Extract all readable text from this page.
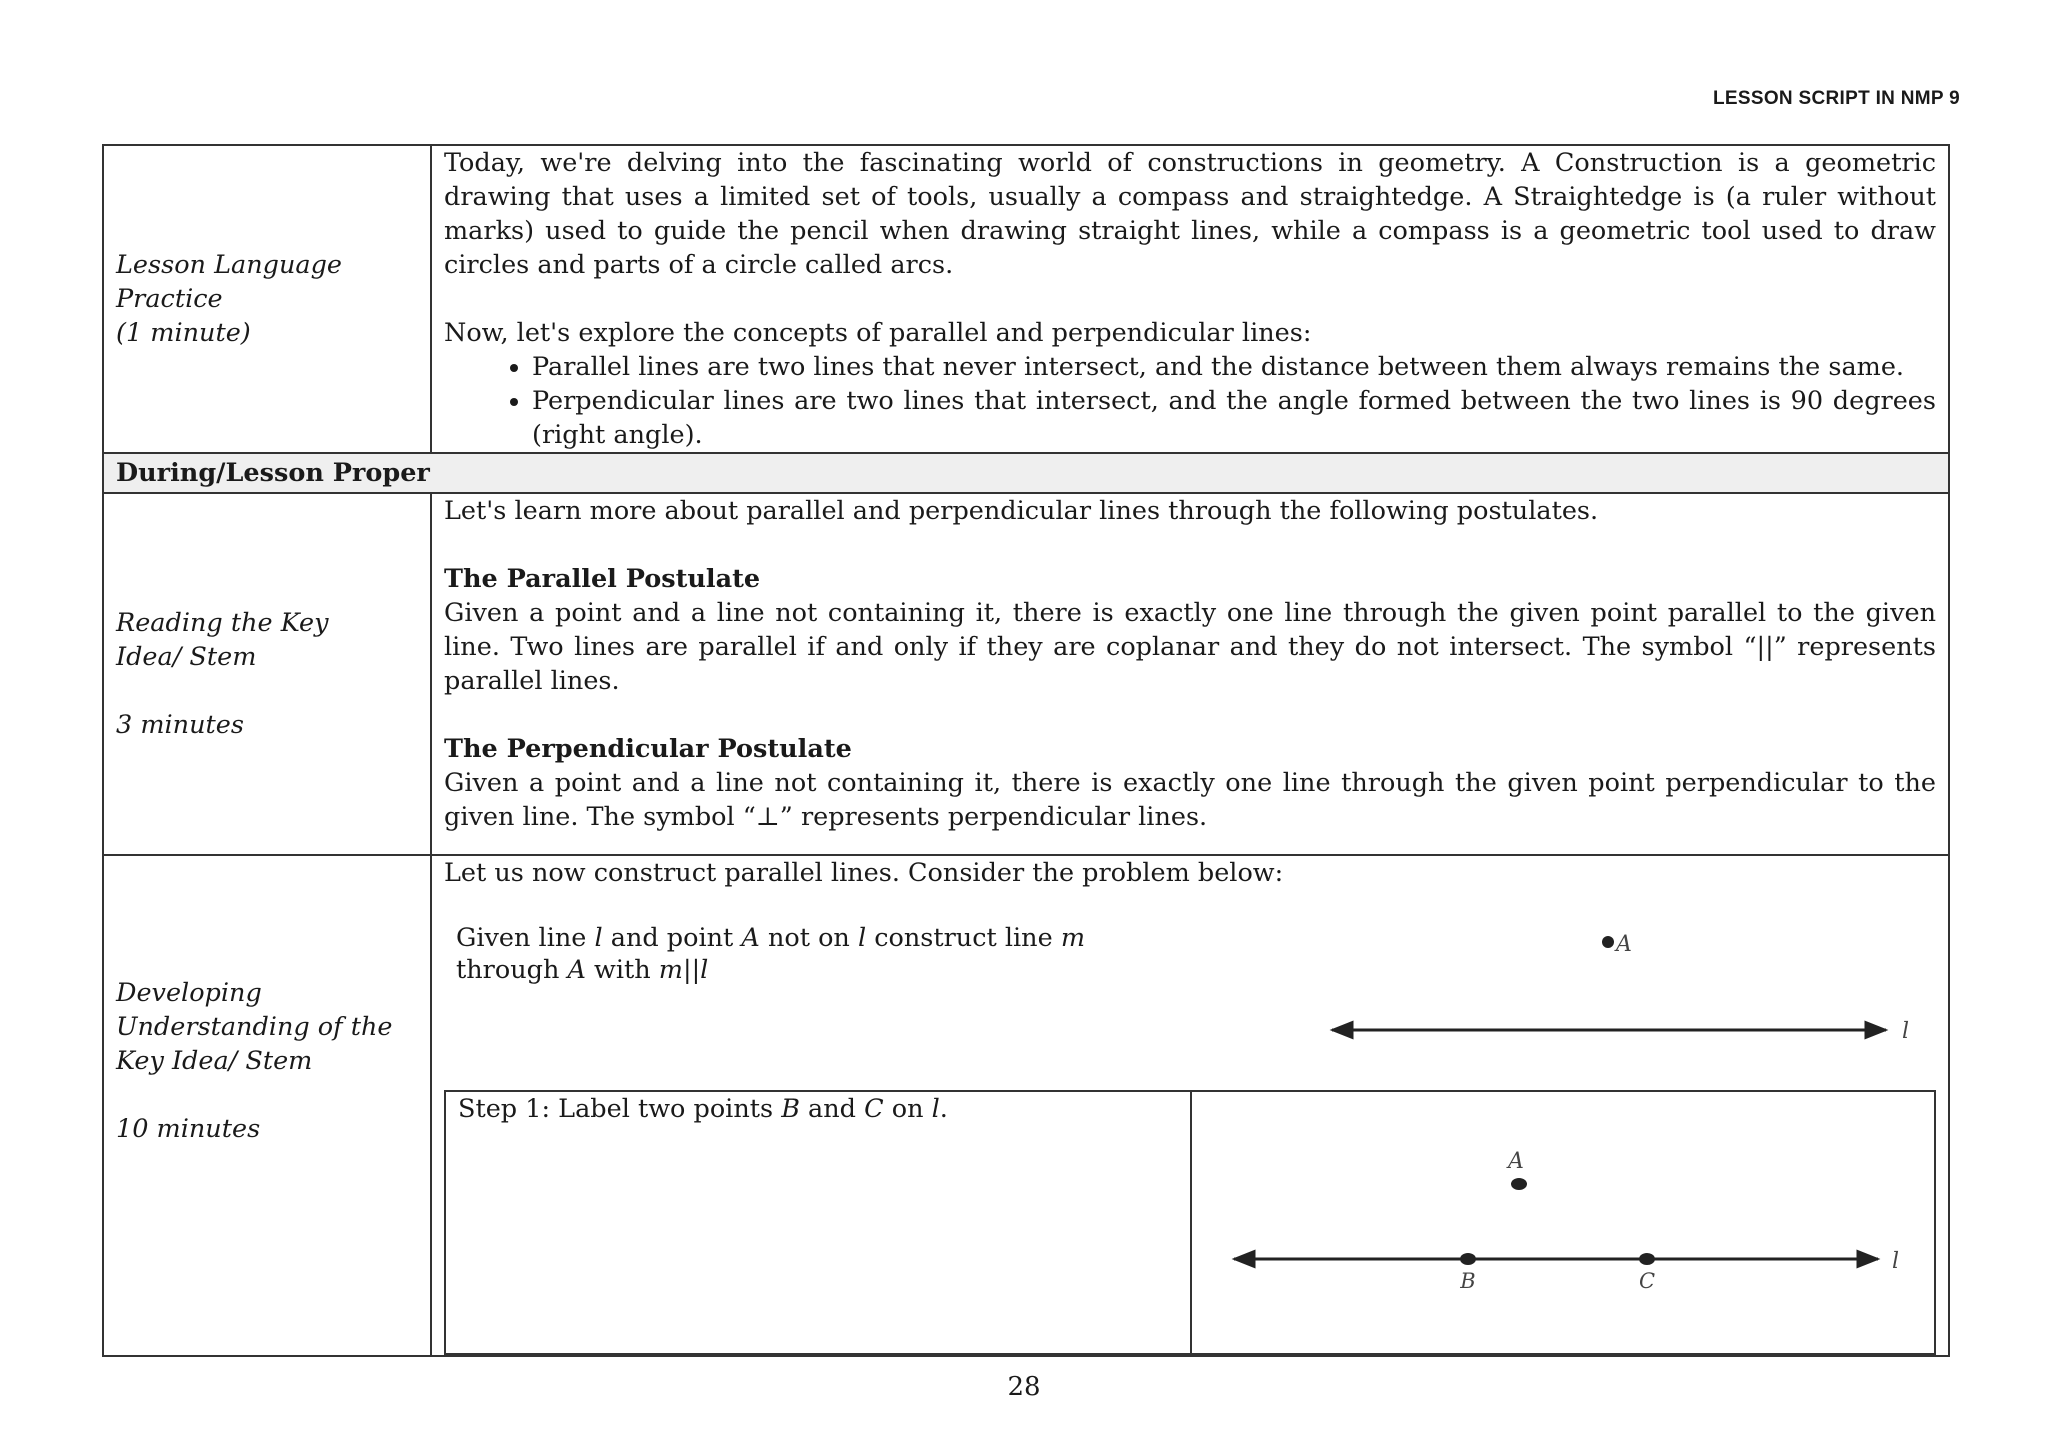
LESSON SCRIPT IN NMP 9
Lesson Language
Practice
(1 minute)

Today, we're delving into the fascinating world of constructions in geometry. A Construction is a geometric drawing that uses a limited set of tools, usually a compass and straightedge. A Straightedge is (a ruler without marks) used to guide the pencil when drawing straight lines, while a compass is a geometric tool used to draw circles and parts of a circle called arcs.
Now, let's explore the concepts of parallel and perpendicular lines:
• Parallel lines are two lines that never intersect, and the distance between them always remains the same.
• Perpendicular lines are two lines that intersect, and the angle formed between the two lines is 90 degrees (right angle).

During/Lesson Proper

Reading the Key
Idea/ Stem
3 minutes

Let's learn more about parallel and perpendicular lines through the following postulates.
The Parallel Postulate
Given a point and a line not containing it, there is exactly one line through the given point parallel to the given line. Two lines are parallel if and only if they are coplanar and they do not intersect. The symbol “||” represents parallel lines.
The Perpendicular Postulate
Given a point and a line not containing it, there is exactly one line through the given point perpendicular to the given line. The symbol “⊥” represents perpendicular lines.

Developing
Understanding of the
Key Idea/ Stem
10 minutes

Let us now construct parallel lines. Consider the problem below:
Given line l and point A not on l construct line m
through A with m||l
A
l
Step 1: Label two points B and C on l.	
A
B	C
l
28
